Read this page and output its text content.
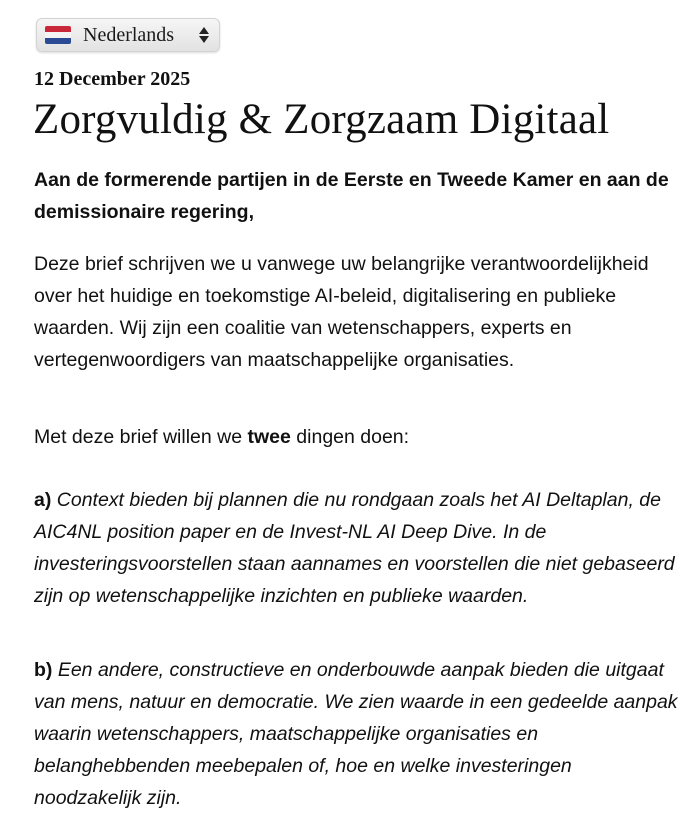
Nederlands
12 December 2025
Zorgvuldig & Zorgzaam Digitaal

Aan de formerende partijen in de Eerste en Tweede Kamer en aan de demissionaire regering,

Deze brief schrijven we u vanwege uw belangrijke verantwoordelijkheid over het huidige en toekomstige AI-beleid, digitalisering en publieke waarden. Wij zijn een coalitie van wetenschappers, experts en vertegenwoordigers van maatschappelijke organisaties.

Met deze brief willen we twee dingen doen:

a) Context bieden bij plannen die nu rondgaan zoals het AI Deltaplan, de AIC4NL position paper en de Invest-NL AI Deep Dive. In de investeringsvoorstellen staan aannames en voorstellen die niet gebaseerd zijn op wetenschappelijke inzichten en publieke waarden.

b) Een andere, constructieve en onderbouwde aanpak bieden die uitgaat van mens, natuur en democratie. We zien waarde in een gedeelde aanpak waarin wetenschappers, maatschappelijke organisaties en belanghebbenden meebepalen of, hoe en welke investeringen noodzakelijk zijn.
